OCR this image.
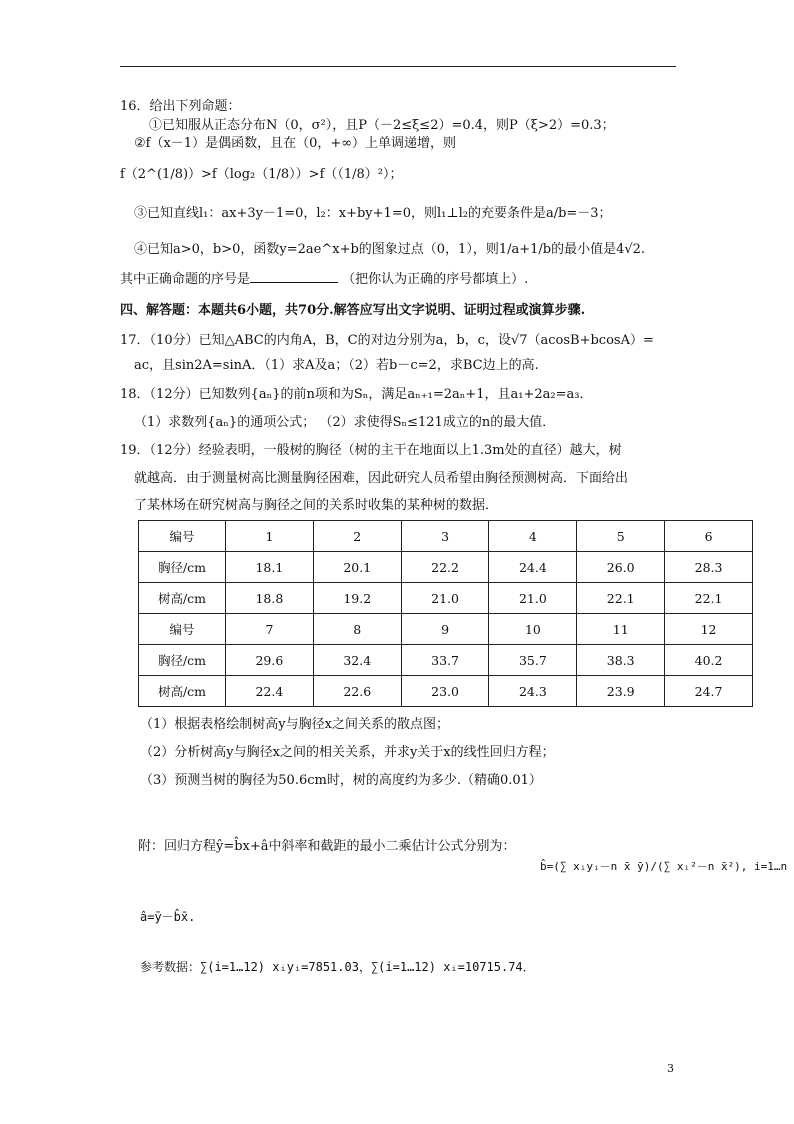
16．给出下列命题：
①已知服从正态分布N（0，σ²），且P（－2≤ξ≤2）=0.4，则P（ξ>2）=0.3；
②f（x－1）是偶函数，且在（0，+∞）上单调递增，则
f（2^(1/8)）>f（log₂（1/8））>f（（1/8）²）；
③已知直线l₁：ax+3y－1=0，l₂：x+by+1=0，则l₁⊥l₂的充要条件是a/b=－3；
④已知a>0，b>0，函数y=2ae^x+b的图象过点（0，1），则1/a+1/b的最小值是4√2.
其中正确命题的序号是	（把你认为正确的序号都填上）.
四、解答题：本题共6小题，共70分.解答应写出文字说明、证明过程或演算步骤.
17．（10分）已知△ABC的内角A，B，C的对边分别为a，b，c，设√7（acosB+bcosA）=
ac，且sin2A=sinA．（1）求A及a；（2）若b－c=2，求BC边上的高.
18．（12分）已知数列{aₙ}的前n项和为Sₙ，满足aₙ₊₁=2aₙ+1，且a₁+2a₂=a₃．
（1）求数列{aₙ}的通项公式； （2）求使得Sₙ≤121成立的n的最大值．
19．（12分）经验表明，一般树的胸径（树的主干在地面以上1.3m处的直径）越大，树
就越高．由于测量树高比测量胸径困难，因此研究人员希望由胸径预测树高．下面给出
了某林场在研究树高与胸径之间的关系时收集的某种树的数据．
编号	1	2	3	4	5	6
胸径/cm	18.1	20.1	22.2	24.4	26.0	28.3
树高/cm	18.8	19.2	21.0	21.0	22.1	22.1
编号	7	8	9	10	11	12
胸径/cm	29.6	32.4	33.7	35.7	38.3	40.2
树高/cm	22.4	22.6	23.0	24.3	23.9	24.7
（1）根据表格绘制树高y与胸径x之间关系的散点图；
（2）分析树高y与胸径x之间的相关关系，并求y关于x的线性回归方程；
（3）预测当树的胸径为50.6cm时，树的高度约为多少.（精确0.01）
附：回归方程ŷ=b̂x+â中斜率和截距的最小二乘估计公式分别为：
b̂=(∑ xᵢyᵢ－n x̄ ȳ)/(∑ xᵢ²－n x̄²), i=1…n
â=ȳ－b̂x̄.
参考数据：∑(i=1…12) xᵢyᵢ=7851.03，∑(i=1…12) xᵢ=10715.74．
3
